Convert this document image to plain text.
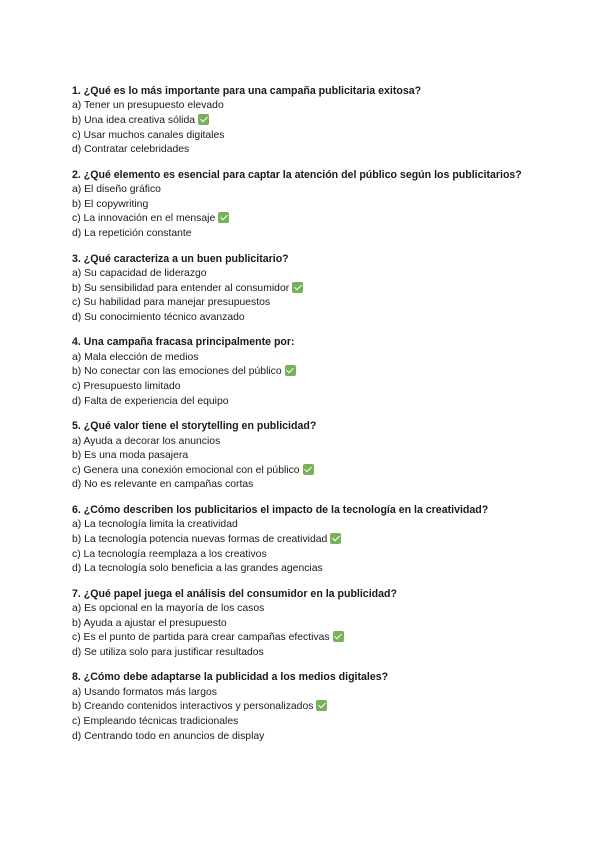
1. ¿Qué es lo más importante para una campaña publicitaria exitosa?
a) Tener un presupuesto elevado
b) Una idea creativa sólida
c) Usar muchos canales digitales
d) Contratar celebridades
2. ¿Qué elemento es esencial para captar la atención del público según los publicitarios?
a) El diseño gráfico
b) El copywriting
c) La innovación en el mensaje
d) La repetición constante
3. ¿Qué caracteriza a un buen publicitario?
a) Su capacidad de liderazgo
b) Su sensibilidad para entender al consumidor
c) Su habilidad para manejar presupuestos
d) Su conocimiento técnico avanzado
4. Una campaña fracasa principalmente por:
a) Mala elección de medios
b) No conectar con las emociones del público
c) Presupuesto limitado
d) Falta de experiencia del equipo
5. ¿Qué valor tiene el storytelling en publicidad?
a) Ayuda a decorar los anuncios
b) Es una moda pasajera
c) Genera una conexión emocional con el público
d) No es relevante en campañas cortas
6. ¿Cómo describen los publicitarios el impacto de la tecnología en la creatividad?
a) La tecnología limita la creatividad
b) La tecnología potencia nuevas formas de creatividad
c) La tecnología reemplaza a los creativos
d) La tecnología solo beneficia a las grandes agencias
7. ¿Qué papel juega el análisis del consumidor en la publicidad?
a) Es opcional en la mayoría de los casos
b) Ayuda a ajustar el presupuesto
c) Es el punto de partida para crear campañas efectivas
d) Se utiliza solo para justificar resultados
8. ¿Cómo debe adaptarse la publicidad a los medios digitales?
a) Usando formatos más largos
b) Creando contenidos interactivos y personalizados
c) Empleando técnicas tradicionales
d) Centrando todo en anuncios de display
